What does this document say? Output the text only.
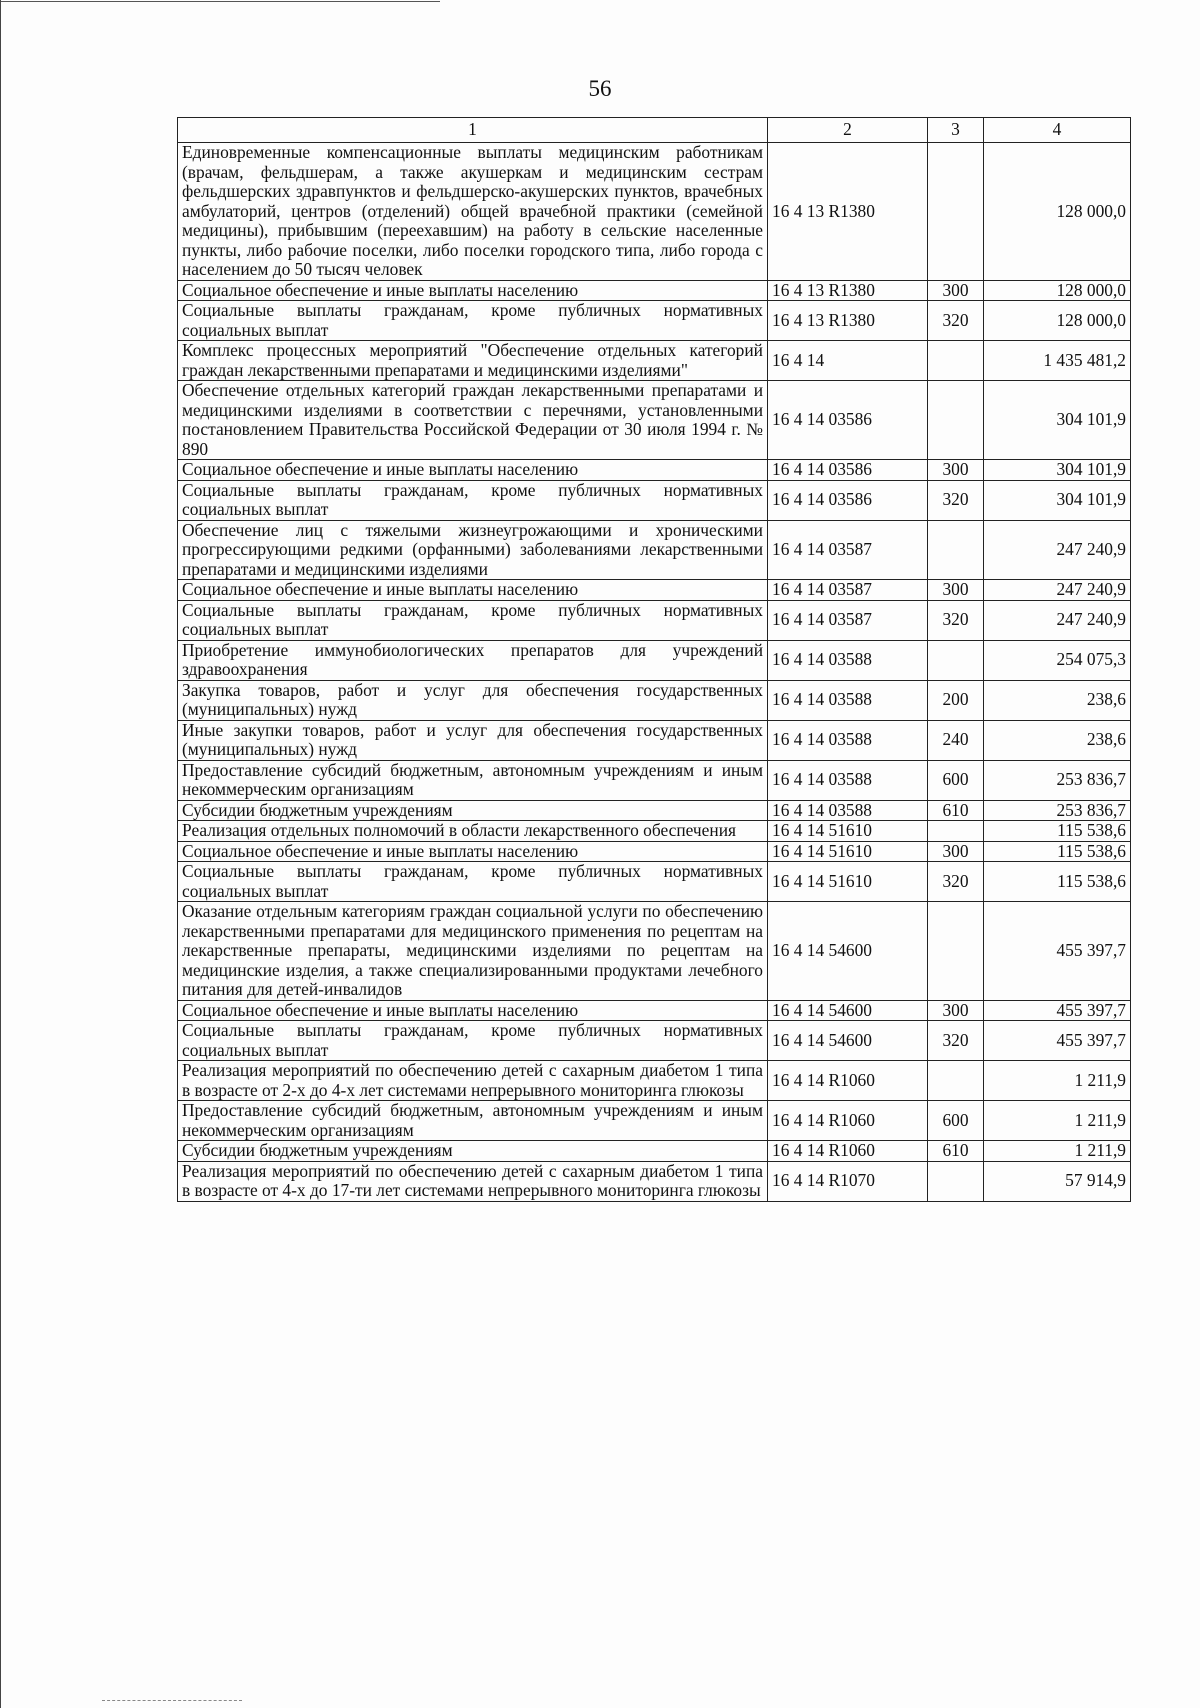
56
1	2	3	4
Единовременные компенсационные выплаты медицинским работникам (врачам, фельдшерам, а также акушеркам и медицинским сестрам фельдшерских здравпунктов и фельдшерско-акушерских пунктов, врачебных амбулаторий, центров (отделений) общей врачебной практики (семейной медицины), прибывшим (переехавшим) на работу в сельские населенные пункты, либо рабочие поселки, либо поселки городского типа, либо города с населением до 50 тысяч человек	16 4 13 R1380		128 000,0
Социальное обеспечение и иные выплаты населению	16 4 13 R1380	300	128 000,0
Социальные выплаты гражданам, кроме публичных нормативных социальных выплат	16 4 13 R1380	320	128 000,0
Комплекс процессных мероприятий "Обеспечение отдельных категорий граждан лекарственными препаратами и медицинскими изделиями"	16 4 14		1 435 481,2
Обеспечение отдельных категорий граждан лекарственными препаратами и медицинскими изделиями в соответствии с перечнями, установленными постановлением Правительства Российской Федерации от 30 июля 1994 г. № 890	16 4 14 03586		304 101,9
Социальное обеспечение и иные выплаты населению	16 4 14 03586	300	304 101,9
Социальные выплаты гражданам, кроме публичных нормативных социальных выплат	16 4 14 03586	320	304 101,9
Обеспечение лиц с тяжелыми жизнеугрожающими и хроническими прогрессирующими редкими (орфанными) заболеваниями лекарственными препаратами и медицинскими изделиями	16 4 14 03587		247 240,9
Социальное обеспечение и иные выплаты населению	16 4 14 03587	300	247 240,9
Социальные выплаты гражданам, кроме публичных нормативных социальных выплат	16 4 14 03587	320	247 240,9
Приобретение иммунобиологических препаратов для учреждений здравоохранения	16 4 14 03588		254 075,3
Закупка товаров, работ и услуг для обеспечения государственных (муниципальных) нужд	16 4 14 03588	200	238,6
Иные закупки товаров, работ и услуг для обеспечения государственных (муниципальных) нужд	16 4 14 03588	240	238,6
Предоставление субсидий бюджетным, автономным учреждениям и иным некоммерческим организациям	16 4 14 03588	600	253 836,7
Субсидии бюджетным учреждениям	16 4 14 03588	610	253 836,7
Реализация отдельных полномочий в области лекарственного обеспечения	16 4 14 51610		115 538,6
Социальное обеспечение и иные выплаты населению	16 4 14 51610	300	115 538,6
Социальные выплаты гражданам, кроме публичных нормативных социальных выплат	16 4 14 51610	320	115 538,6
Оказание отдельным категориям граждан социальной услуги по обеспечению лекарственными препаратами для медицинского применения по рецептам на лекарственные препараты, медицинскими изделиями по рецептам на медицинские изделия, а также специализированными продуктами лечебного питания для детей-инвалидов	16 4 14 54600		455 397,7
Социальное обеспечение и иные выплаты населению	16 4 14 54600	300	455 397,7
Социальные выплаты гражданам, кроме публичных нормативных социальных выплат	16 4 14 54600	320	455 397,7
Реализация мероприятий по обеспечению детей с сахарным диабетом 1 типа в возрасте от 2-х до 4-х лет системами непрерывного мониторинга глюкозы	16 4 14 R1060		1 211,9
Предоставление субсидий бюджетным, автономным учреждениям и иным некоммерческим организациям	16 4 14 R1060	600	1 211,9
Субсидии бюджетным учреждениям	16 4 14 R1060	610	1 211,9
Реализация мероприятий по обеспечению детей с сахарным диабетом 1 типа в возрасте от 4-х до 17-ти лет системами непрерывного мониторинга глюкозы	16 4 14 R1070		57 914,9
